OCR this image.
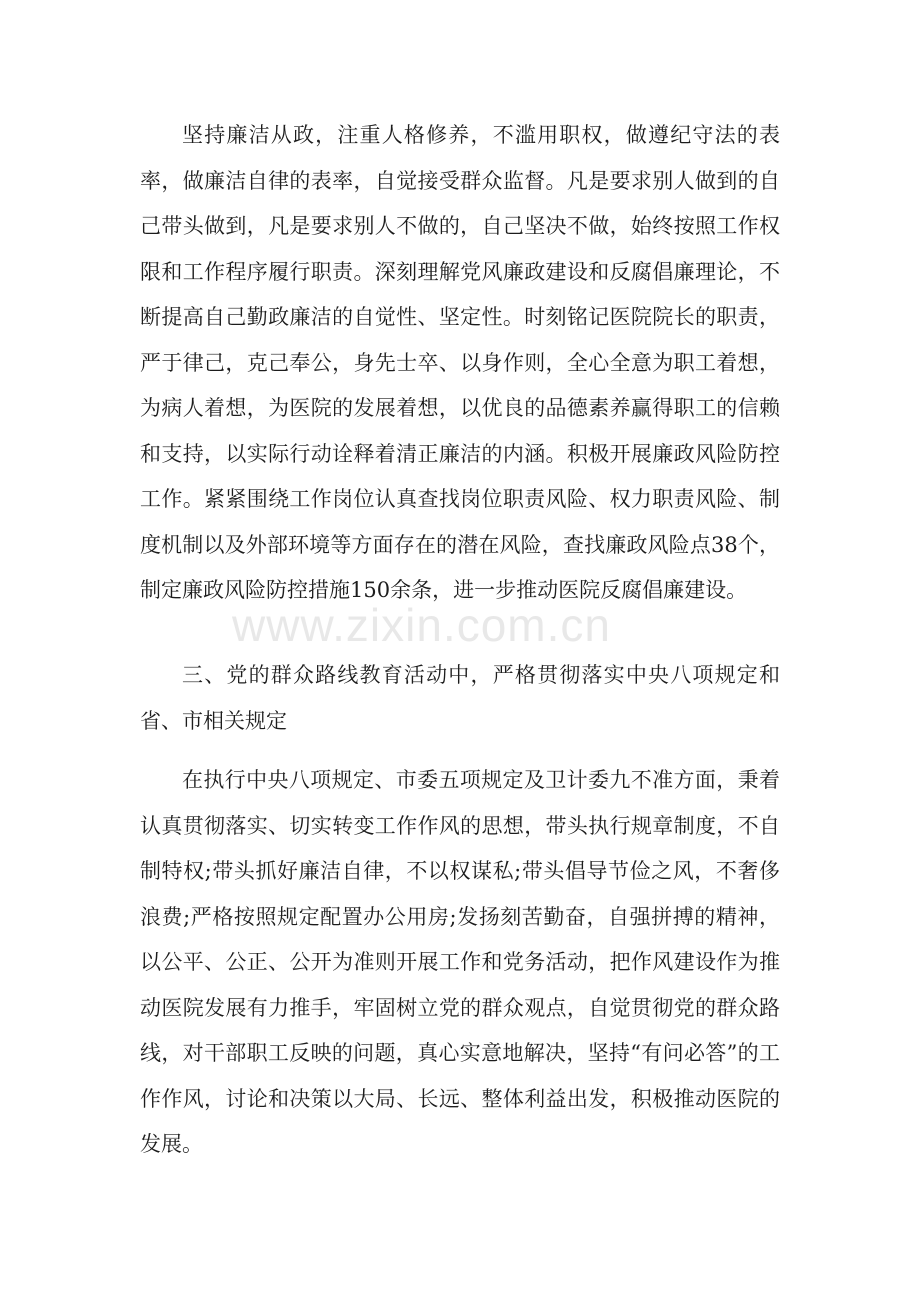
坚持廉洁从政，注重人格修养，不滥用职权，做遵纪守法的表率，做廉洁自律的表率，自觉接受群众监督。凡是要求别人做到的自己带头做到，凡是要求别人不做的，自己坚决不做，始终按照工作权限和工作程序履行职责。深刻理解党风廉政建设和反腐倡廉理论，不断提高自己勤政廉洁的自觉性、坚定性。时刻铭记医院院长的职责，严于律己，克己奉公，身先士卒、以身作则，全心全意为职工着想，为病人着想，为医院的发展着想，以优良的品德素养赢得职工的信赖和支持，以实际行动诠释着清正廉洁的内涵。积极开展廉政风险防控工作。紧紧围绕工作岗位认真查找岗位职责风险、权力职责风险、制度机制以及外部环境等方面存在的潜在风险，查找廉政风险点38个，制定廉政风险防控措施150余条，进一步推动医院反腐倡廉建设。

www.zixin.com.cn

三、党的群众路线教育活动中，严格贯彻落实中央八项规定和省、市相关规定

在执行中央八项规定、市委五项规定及卫计委九不准方面，秉着认真贯彻落实、切实转变工作作风的思想，带头执行规章制度，不自制特权;带头抓好廉洁自律，不以权谋私;带头倡导节俭之风，不奢侈浪费;严格按照规定配置办公用房;发扬刻苦勤奋，自强拼搏的精神，以公平、公正、公开为准则开展工作和党务活动，把作风建设作为推动医院发展有力推手，牢固树立党的群众观点，自觉贯彻党的群众路线，对干部职工反映的问题，真心实意地解决，坚持“有问必答”的工作作风，讨论和决策以大局、长远、整体利益出发，积极推动医院的发展。
